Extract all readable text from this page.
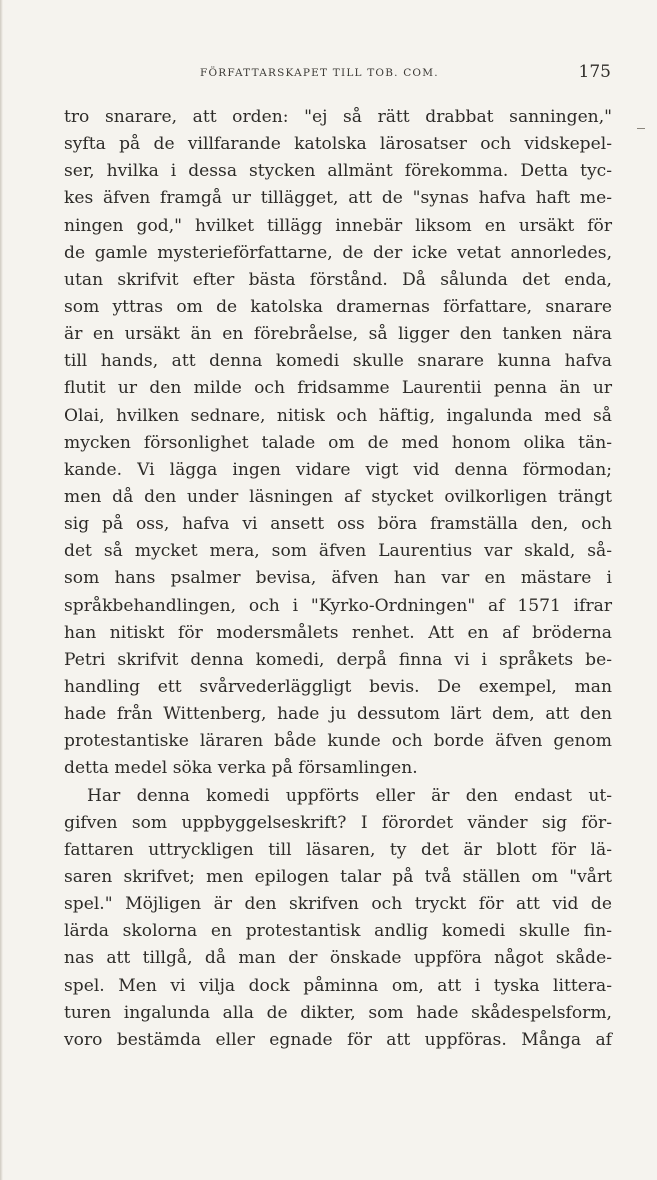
FÖRFATTARSKAPET TILL TOB. COM.	175
tro snarare, att orden: "ej så rätt drabbat sanningen,"
syfta på de villfarande katolska lärosatser och vidskepel-
ser, hvilka i dessa stycken allmänt förekomma. Detta tyc-
kes äfven framgå ur tillägget, att de "synas hafva haft me-
ningen god," hvilket tillägg innebär liksom en ursäkt för
de gamle mysterieförfattarne, de der icke vetat annorledes,
utan skrifvit efter bästa förstånd. Då sålunda det enda,
som yttras om de katolska dramernas författare, snarare
är en ursäkt än en förebråelse, så ligger den tanken nära
till hands, att denna komedi skulle snarare kunna hafva
flutit ur den milde och fridsamme Laurentii penna än ur
Olai, hvilken sednare, nitisk och häftig, ingalunda med så
mycken försonlighet talade om de med honom olika tän-
kande. Vi lägga ingen vidare vigt vid denna förmodan;
men då den under läsningen af stycket ovilkorligen trängt
sig på oss, hafva vi ansett oss böra framställa den, och
det så mycket mera, som äfven Laurentius var skald, så-
som hans psalmer bevisa, äfven han var en mästare i
språkbehandlingen, och i "Kyrko-Ordningen" af 1571 ifrar
han nitiskt för modersmålets renhet. Att en af bröderna
Petri skrifvit denna komedi, derpå finna vi i språkets be-
handling ett svårvederläggligt bevis. De exempel, man
hade från Wittenberg, hade ju dessutom lärt dem, att den
protestantiske läraren både kunde och borde äfven genom
detta medel söka verka på församlingen.
Har denna komedi uppförts eller är den endast ut-
gifven som uppbyggelseskrift? I förordet vänder sig för-
fattaren uttryckligen till läsaren, ty det är blott för lä-
saren skrifvet; men epilogen talar på två ställen om "vårt
spel." Möjligen är den skrifven och tryckt för att vid de
lärda skolorna en protestantisk andlig komedi skulle fin-
nas att tillgå, då man der önskade uppföra något skåde-
spel. Men vi vilja dock påminna om, att i tyska littera-
turen ingalunda alla de dikter, som hade skådespelsform,
voro bestämda eller egnade för att uppföras. Många af
